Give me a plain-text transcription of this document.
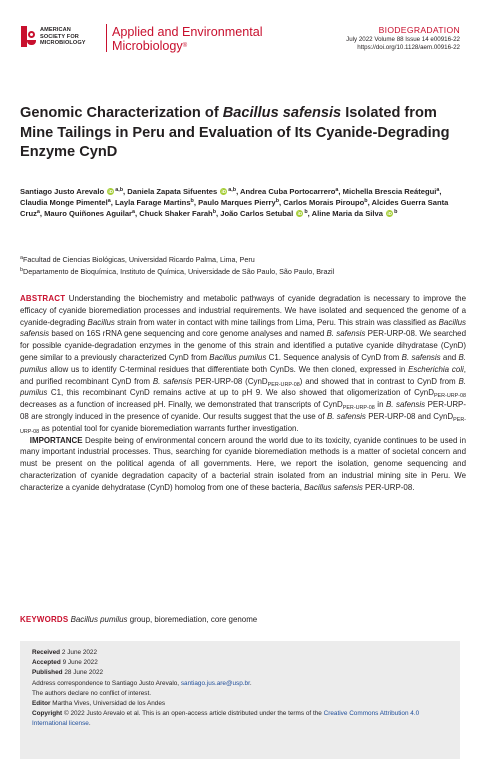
AMERICAN
SOCIETY FOR
MICROBIOLOGY
Applied and Environmental
Microbiology®
BIODEGRADATION
July 2022 Volume 88 Issue 14 e00916-22
https://doi.org/10.1128/aem.00916-22
Genomic Characterization of Bacillus safensis Isolated from Mine Tailings in Peru and Evaluation of Its Cyanide-Degrading Enzyme CynD
Santiago Justo Arevalo iD $^{a,b}$, Daniela Zapata Sifuentes iD $^{a,b}$, Andrea Cuba Portocarrero$^a$, Michella Brescia Reátegui$^a$, Claudia Monge Pimentel$^a$, Layla Farage Martins$^b$, Paulo Marques Pierry$^b$, Carlos Morais Piroupo$^b$, Alcides Guerra Santa Cruz$^a$, Mauro Quiñones Aguilar$^a$, Chuck Shaker Farah$^b$, João Carlos Setubal iD $^b$, Aline Maria da Silva iD $^b$
$^a$Facultad de Ciencias Biológicas, Universidad Ricardo Palma, Lima, Peru
$^b$Departamento de Bioquímica, Instituto de Química, Universidade de São Paulo, São Paulo, Brazil

ABSTRACT Understanding the biochemistry and metabolic pathways of cyanide degradation is necessary to improve the efficacy of cyanide bioremediation processes and industrial requirements. We have isolated and sequenced the genome of a cyanide-degrading Bacillus strain from water in contact with mine tailings from Lima, Peru. This strain was classified as Bacillus safensis based on 16S rRNA gene sequencing and core genome analyses and named B. safensis PER-URP-08. We searched for possible cyanide-degradation enzymes in the genome of this strain and identified a putative cyanide dihydratase (CynD) gene similar to a previously characterized CynD from Bacillus pumilus C1. Sequence analysis of CynD from B. safensis and B. pumilus allow us to identify C-terminal residues that differentiate both CynDs. We then cloned, expressed in Escherichia coli, and purified recombinant CynD from B. safensis PER-URP-08 (CynD$_{PER-URP-08}$) and showed that in contrast to CynD from B. pumilus C1, this recombinant CynD remains active at up to pH 9. We also showed that oligomerization of CynD$_{PER-URP-08}$ decreases as a function of increased pH. Finally, we demonstrated that transcripts of CynD$_{PER-URP-08}$ in B. safensis PER-URP-08 are strongly induced in the presence of cyanide. Our results suggest that the use of B. safensis PER-URP-08 and CynD$_{PER-URP-08}$ as potential tool for cyanide bioremediation warrants further investigation.

IMPORTANCE Despite being of environmental concern around the world due to its toxicity, cyanide continues to be used in many important industrial processes. Thus, searching for cyanide bioremediation methods is a matter of societal concern and must be present on the political agenda of all governments. Here, we report the isolation, genome sequencing and characterization of cyanide degradation capacity of a bacterial strain isolated from an industrial mining site in Peru. We characterize a cyanide dehydratase (CynD) homolog from one of these bacteria, Bacillus safensis PER-URP-08.

KEYWORDS Bacillus pumilus group, bioremediation, core genome
Received 2 June 2022
Accepted 9 June 2022
Published 28 June 2022
Address correspondence to Santiago Justo Arevalo, santiago.jus.are@usp.br.
The authors declare no conflict of interest.
Editor Martha Vives, Universidad de los Andes
Copyright © 2022 Justo Arevalo et al. This is an open-access article distributed under the terms of the Creative Commons Attribution 4.0 International license.
